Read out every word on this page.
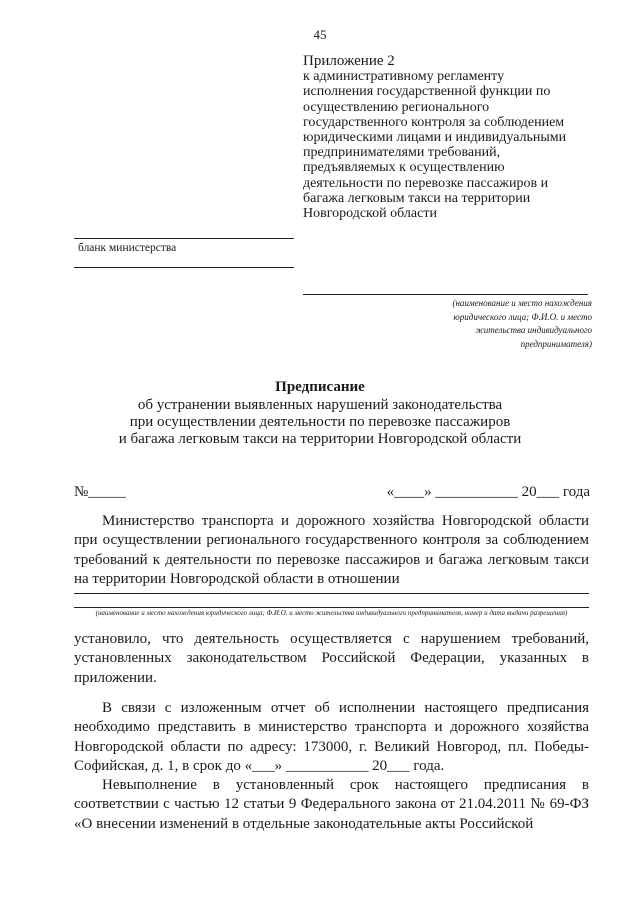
45
Приложение 2
к административному регламенту
исполнения государственной функции по
осуществлению регионального
государственного контроля за соблюдением
юридическими лицами и индивидуальными
предпринимателями требований,
предъявляемых к осуществлению
деятельности по перевозке пассажиров и
багажа легковым такси на территории
Новгородской области
бланк министерства
(наименование и место нахождения
юридического лица; Ф.И.О. и место
жительства индивидуального
предпринимателя)
Предписание
об устранении выявленных нарушений законодательства
при осуществлении деятельности по перевозке пассажиров
и багажа легковым такси на территории Новгородской области
№_____	«____» ___________ 20___ года
Министерство транспорта и дорожного хозяйства Новгородской области при осуществлении регионального государственного контроля за соблюдением требований к деятельности по перевозке пассажиров и багажа легковым такси на территории Новгородской области в отношении
(наименование и место нахождения юридического лица; Ф.И.О. и место жительства индивидуального предпринимателя, номер и дата выдачи разрешения)
установило, что деятельность осуществляется с нарушением требований, установленных законодательством Российской Федерации, указанных в приложении.
В связи с изложенным отчет об исполнении настоящего предписания необходимо представить в министерство транспорта и дорожного хозяйства Новгородской области по адресу: 173000, г. Великий Новгород, пл. Победы-Софийская, д. 1, в срок до «___» ___________ 20___ года.
Невыполнение в установленный срок настоящего предписания в соответствии с частью 12 статьи 9 Федерального закона от 21.04.2011 № 69-ФЗ «О внесении изменений в отдельные законодательные акты Российской
